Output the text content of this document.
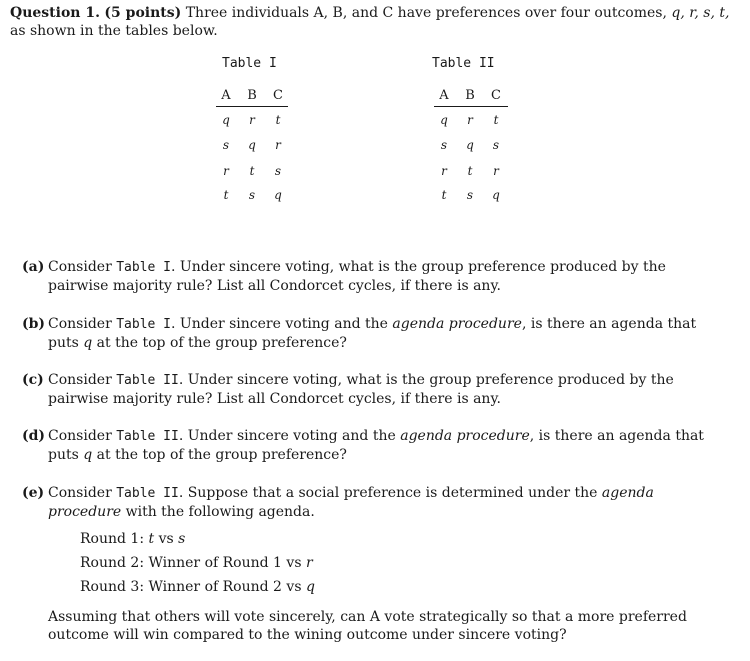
Question 1. (5 points) Three individuals A, B, and C have preferences over four outcomes, q, r, s, t, as shown in the tables below.
Table I
A	B	C
q	r	t
s	q	r
r	t	s
t	s	q
Table II
A	B	C
q	r	t
s	q	s
r	t	r
t	s	q
(a) Consider Table I. Under sincere voting, what is the group preference produced by the pairwise majority rule? List all Condorcet cycles, if there is any.
(b) Consider Table I. Under sincere voting and the agenda procedure, is there an agenda that puts q at the top of the group preference?
(c) Consider Table II. Under sincere voting, what is the group preference produced by the pairwise majority rule? List all Condorcet cycles, if there is any.
(d) Consider Table II. Under sincere voting and the agenda procedure, is there an agenda that puts q at the top of the group preference?
(e) Consider Table II. Suppose that a social preference is determined under the agenda procedure with the following agenda.
Round 1: t vs s
Round 2: Winner of Round 1 vs r
Round 3: Winner of Round 2 vs q
Assuming that others will vote sincerely, can A vote strategically so that a more preferred outcome will win compared to the wining outcome under sincere voting?
